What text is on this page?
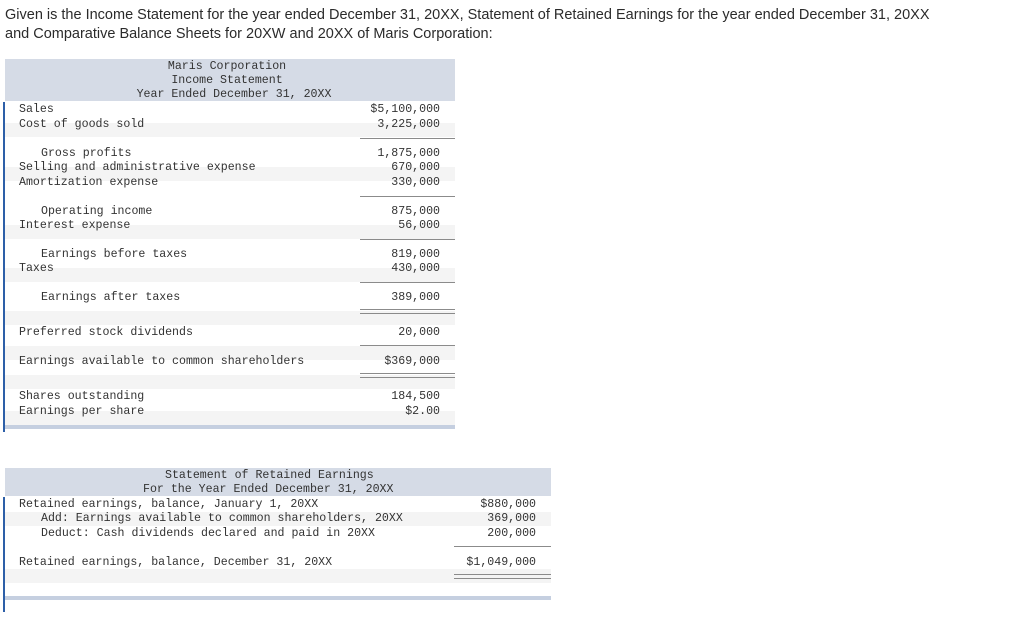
Given is the Income Statement for the year ended December 31, 20XX, Statement of Retained Earnings for the year ended December 31, 20XX and Comparative Balance Sheets for 20XW and 20XX of Maris Corporation:
Maris Corporation
Income Statement
Year Ended December 31, 20XX
Sales	$5,100,000
Cost of goods sold	3,225,000
Gross profits	1,875,000
Selling and administrative expense	670,000
Amortization expense	330,000
Operating income	875,000
Interest expense	56,000
Earnings before taxes	819,000
Taxes	430,000
Earnings after taxes	389,000
Preferred stock dividends	20,000
Earnings available to common shareholders	$369,000
Shares outstanding	184,500
Earnings per share	$2.00
Statement of Retained Earnings
For the Year Ended December 31, 20XX
Retained earnings, balance, January 1, 20XX	$880,000
Add: Earnings available to common shareholders, 20XX	369,000
Deduct: Cash dividends declared and paid in 20XX	200,000
Retained earnings, balance, December 31, 20XX	$1,049,000
